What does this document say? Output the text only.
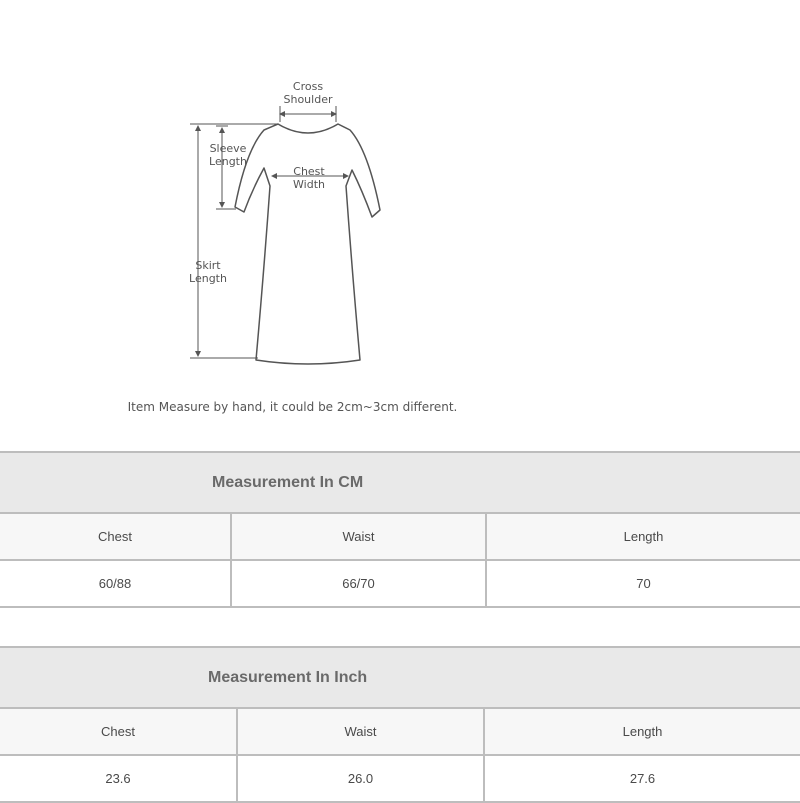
Cross
Shoulder
Sleeve
Length
Chest
Width
Skirt
Length
Item Measure by hand, it could be 2cm~3cm different.
Measurement In CM		
Chest	Waist	Length
60/88	66/70	70
Measurement In Inch		
Chest	Waist	Length
23.6	26.0	27.6
